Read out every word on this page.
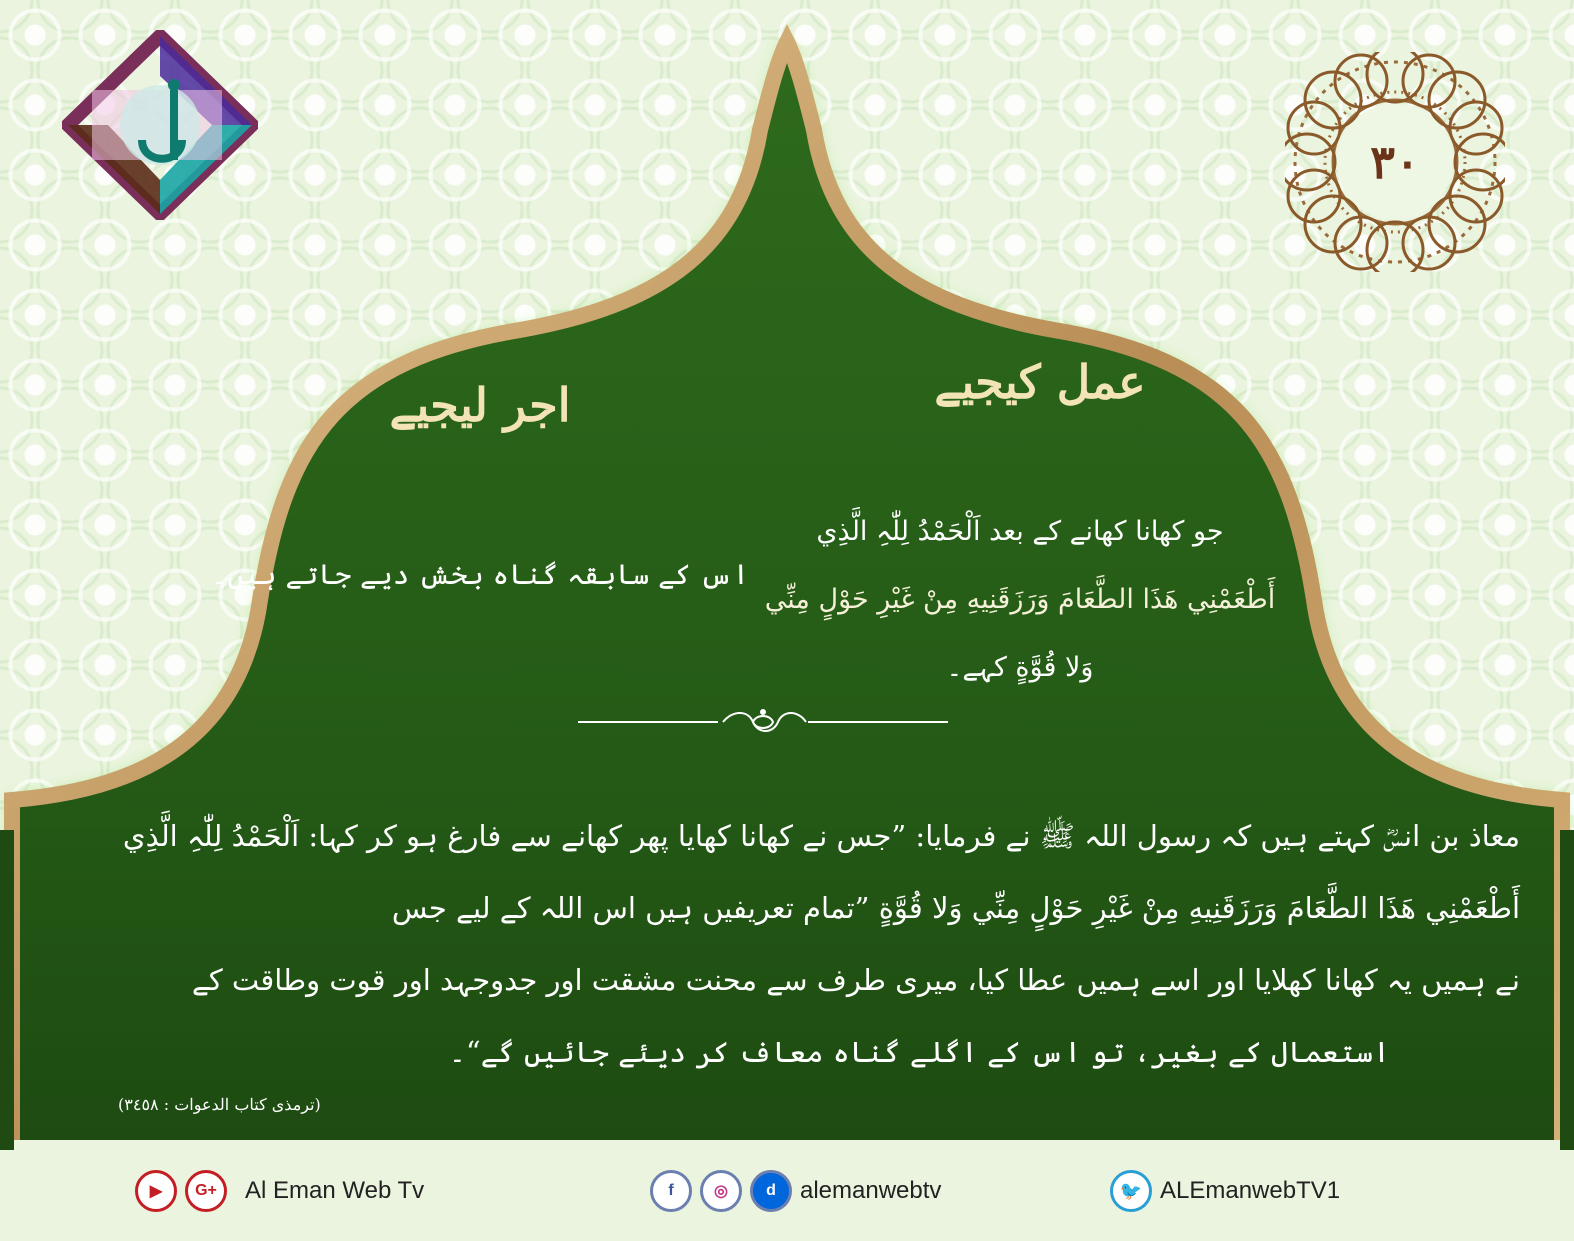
٣٠
عمل کیجیے
جو کھانا کھانے کے بعد اَلْحَمْدُ لِلّٰہِ الَّذِي
أَطْعَمْنِي هَذَا الطَّعَامَ وَرَزَقَنِيهِ مِنْ غَيْرِ حَوْلٍ مِنِّي
وَلا قُوَّةٍ کہے۔
اجر لیجیے
اس کے سابقہ گناہ بخش دیے جاتے ہیں۔
معاذ بن انسؓ کہتے ہیں کہ رسول اللہ ﷺ نے فرمایا: ”جس نے کھانا کھایا پھر کھانے سے فارغ ہو کر کہا: اَلْحَمْدُ لِلّٰہِ الَّذِي
أَطْعَمْنِي هَذَا الطَّعَامَ وَرَزَقَنِيهِ مِنْ غَيْرِ حَوْلٍ مِنِّي وَلا قُوَّةٍ ”تمام تعریفیں ہیں اس اللہ کے لیے جس
نے ہمیں یہ کھانا کھلایا اور اسے ہمیں عطا کیا، میری طرف سے محنت مشقت اور جدوجہد اور قوت وطاقت کے
استعمال کے بغیر، تو اس کے اگلے گناہ معاف کر دیئے جائیں گے“۔
(ترمذی کتاب الدعوات : ٣٤٥٨)
▶	G+	Al Eman Web Tv	f	◎	d	alemanwebtv	🐦 ALEmanwebTV1
